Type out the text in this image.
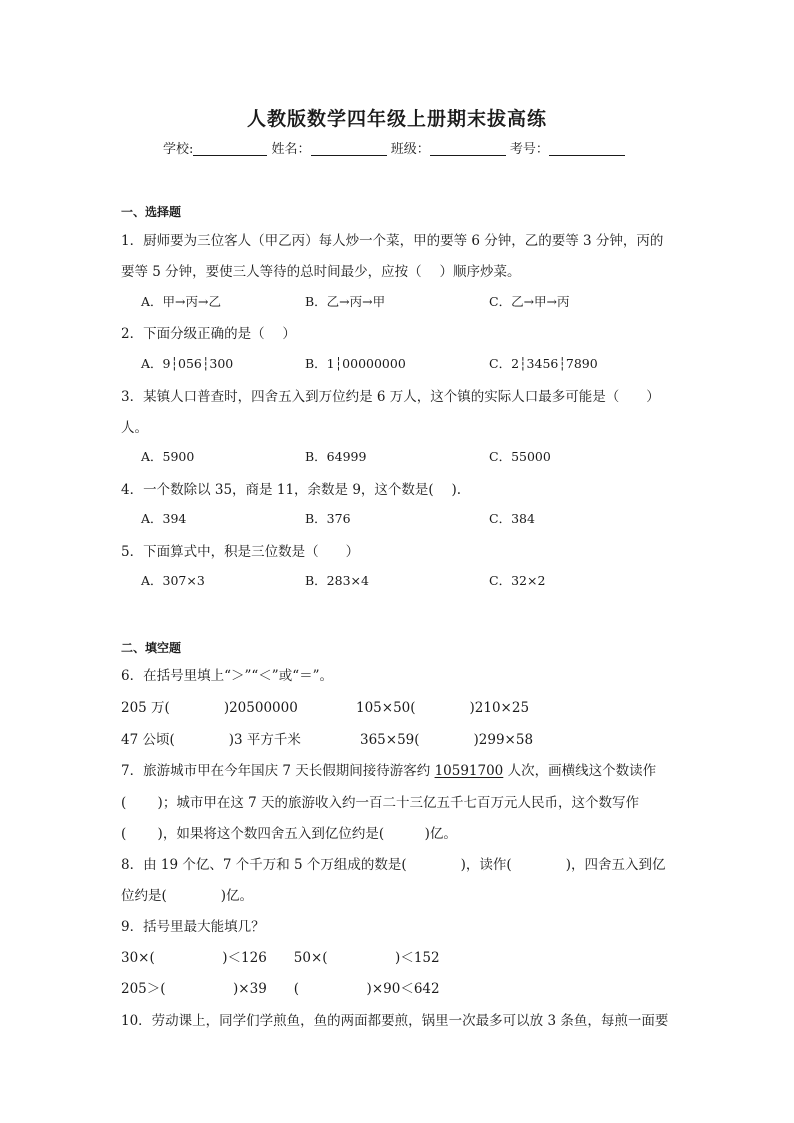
人教版数学四年级上册期末拔高练
学校:	姓名：	班级：	考号：
一、选择题
1．厨师要为三位客人（甲乙丙）每人炒一个菜，甲的要等 6 分钟，乙的要等 3 分钟，丙的
要等 5 分钟，要使三人等待的总时间最少，应按（　 ）顺序炒菜。
A．甲→丙→乙	B．乙→丙→甲	C．乙→甲→丙
2．下面分级正确的是（　 ）
A．9┆056┆300	B．1┆00000000	C．2┆3456┆7890
3．某镇人口普查时，四舍五入到万位约是 6 万人，这个镇的实际人口最多可能是（　　）
人。
A．5900	B．64999	C．55000
4．一个数除以 35，商是 11，余数是 9，这个数是(　 ).
A．394	B．376	C．384
5．下面算式中，积是三位数是（　　）
A．307×3	B．283×4	C．32×2
二、填空题
6．在括号里填上“＞”“＜”或“＝”。
205 万(　　　　)20500000	105×50(　　　　)210×25
47 公顷(　　　　)3 平方千米	365×59(　　　　)299×58
7．旅游城市甲在今年国庆 7 天长假期间接待游客约 10591700 人次，画横线这个数读作
(　　 )；城市甲在这 7 天的旅游收入约一百二十三亿五千七百万元人民币，这个数写作
(　　 )，如果将这个数四舍五入到亿位约是(　　　)亿。
8．由 19 个亿、7 个千万和 5 个万组成的数是(　　　　)，读作(　　　　)，四舍五入到亿
位约是(　　　　)亿。
9．括号里最大能填几？
30×(　　　　　)＜126　　50×(　　　　　)＜152
205＞(　　　　　)×39　　(　　　　　)×90＜642
10．劳动课上，同学们学煎鱼，鱼的两面都要煎，锅里一次最多可以放 3 条鱼，每煎一面要
